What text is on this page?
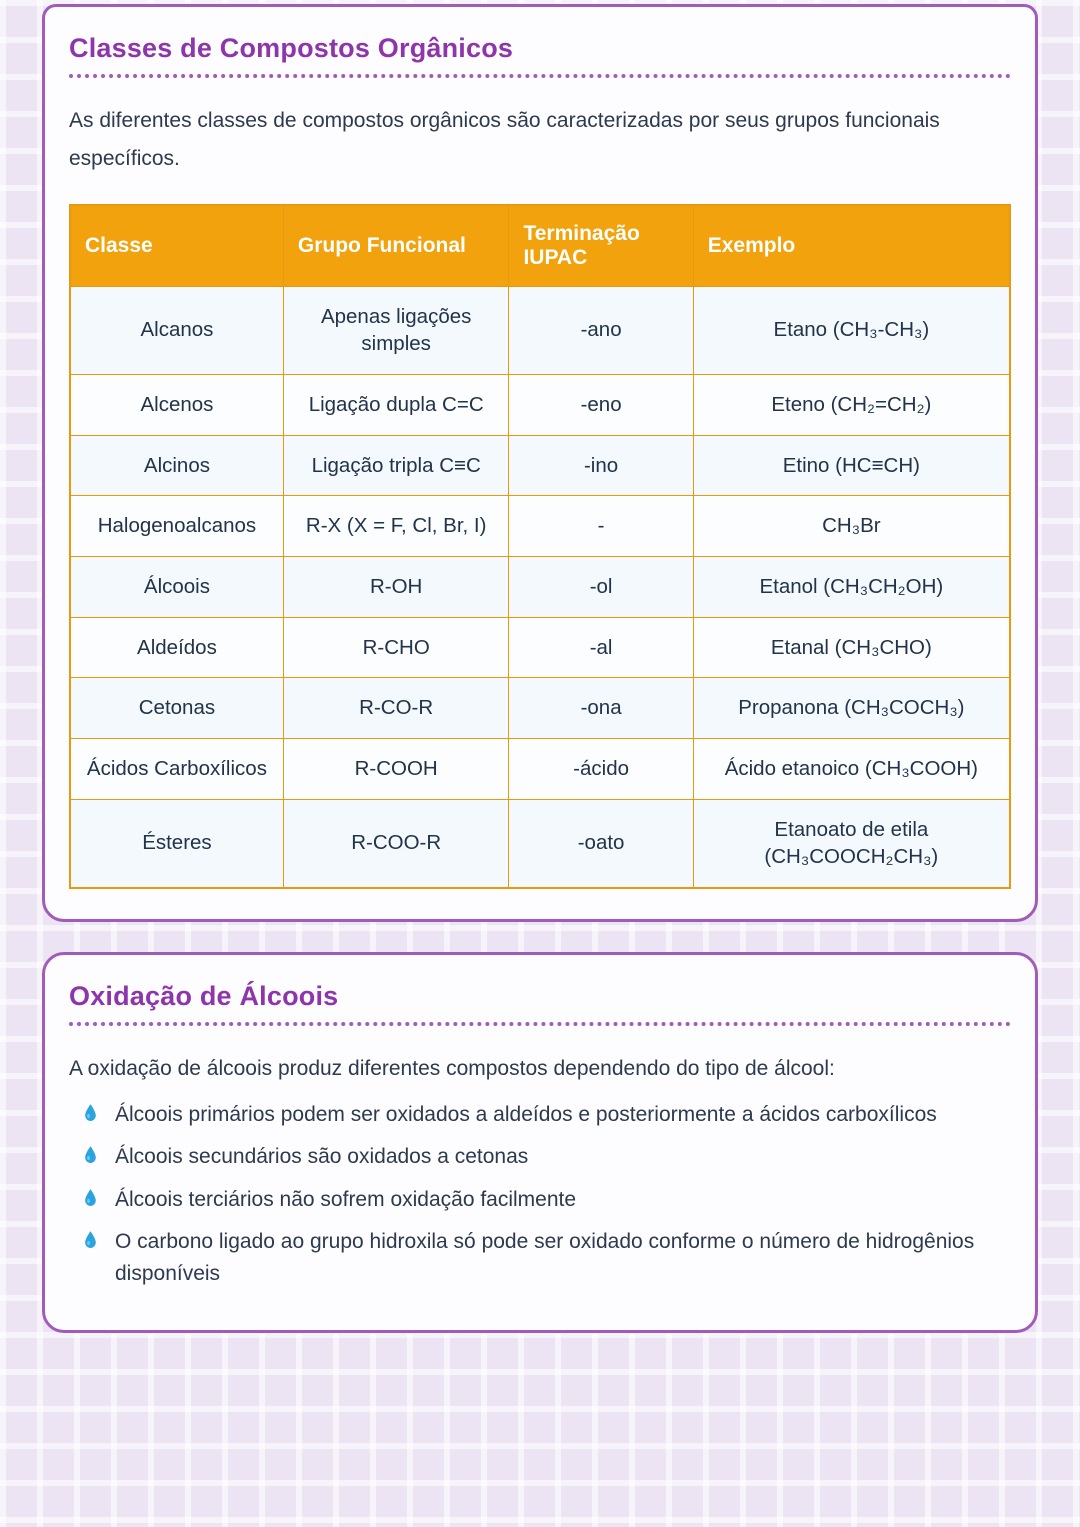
Classes de Compostos Orgânicos

As diferentes classes de compostos orgânicos são caracterizadas por seus grupos funcionais específicos.

Classe	Grupo Funcional	Terminação IUPAC	Exemplo
Alcanos	Apenas ligações simples	-ano	Etano (CH₃-CH₃)
Alcenos	Ligação dupla C=C	-eno	Eteno (CH₂=CH₂)
Alcinos	Ligação tripla C≡C	-ino	Etino (HC≡CH)
Halogenoalcanos	R-X (X = F, Cl, Br, I)	-	CH₃Br
Álcoois	R-OH	-ol	Etanol (CH₃CH₂OH)
Aldeídos	R-CHO	-al	Etanal (CH₃CHO)
Cetonas	R-CO-R	-ona	Propanona (CH₃COCH₃)
Ácidos Carboxílicos	R-COOH	-ácido	Ácido etanoico (CH₃COOH)
Ésteres	R-COO-R	-oato	Etanoato de etila (CH₃COOCH₂CH₃)
Oxidação de Álcoois

A oxidação de álcoois produz diferentes compostos dependendo do tipo de álcool:

Álcoois primários podem ser oxidados a aldeídos e posteriormente a ácidos carboxílicos
Álcoois secundários são oxidados a cetonas
Álcoois terciários não sofrem oxidação facilmente
O carbono ligado ao grupo hidroxila só pode ser oxidado conforme o número de hidrogênios disponíveis
